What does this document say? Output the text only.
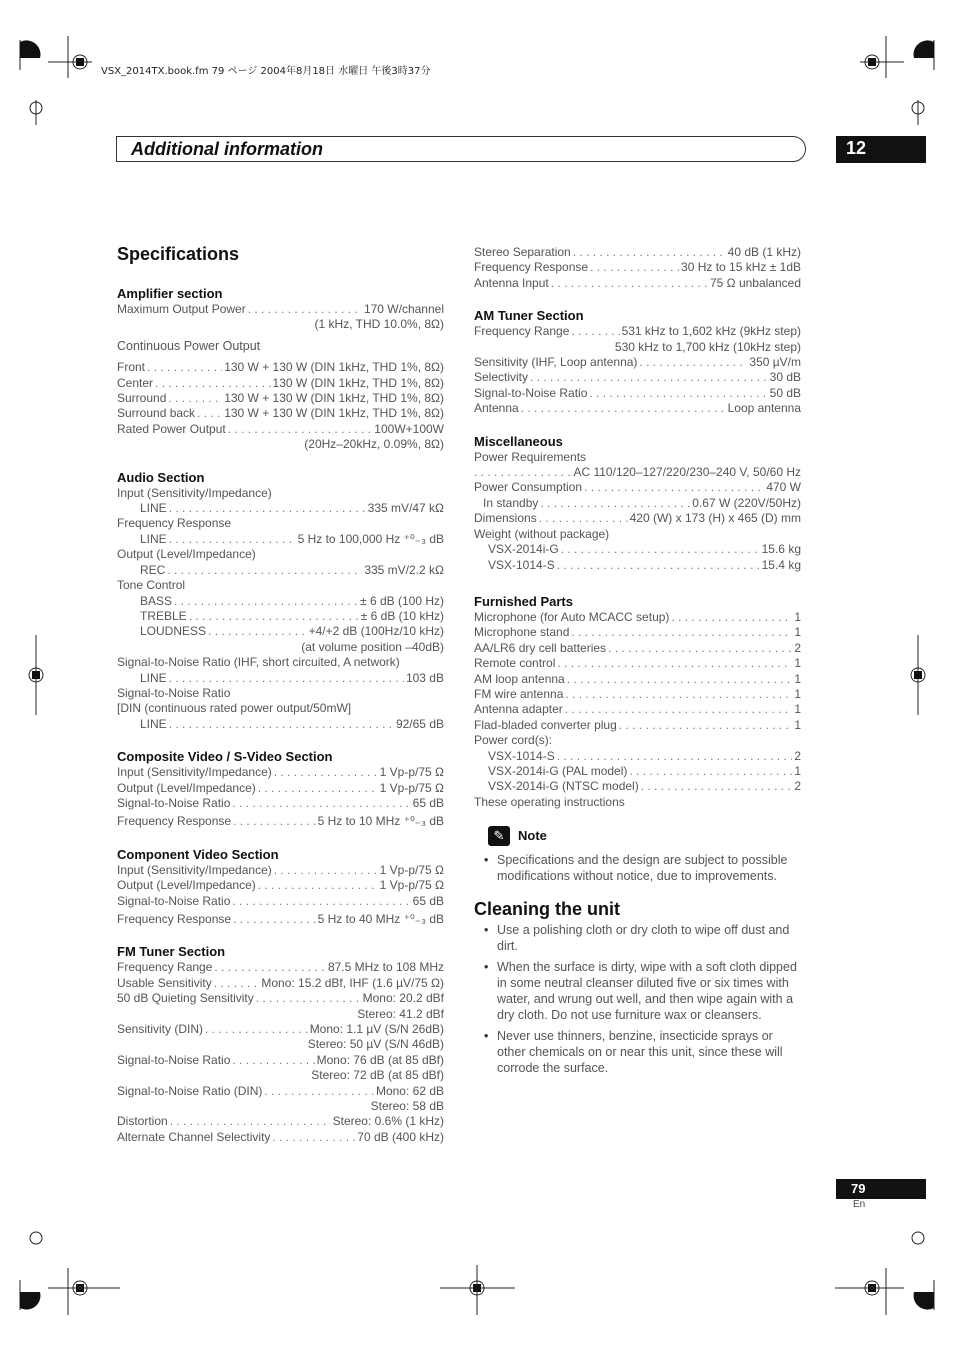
VSX_2014TX.book.fm 79 ページ 2004年8月18日 水曜日 午後3時37分
Additional information	12
Specifications
Amplifier section
Maximum Output Power . . .	170 W/channel
(1 kHz, THD 10.0%, 8Ω)
Continuous Power Output
Front . . .	130 W + 130 W (DIN 1kHz, THD 1%, 8Ω)
Center . . .	130 W (DIN 1kHz, THD 1%, 8Ω)
Surround . . .	130 W + 130 W (DIN 1kHz, THD 1%, 8Ω)
Surround back . . . 130 W + 130 W (DIN 1kHz, THD 1%, 8Ω)
Rated Power Output . . .	100W+100W
(20Hz–20kHz, 0.09%, 8Ω)
Audio Section
Input (Sensitivity/Impedance)
LINE . . .	335 mV/47 kΩ
Frequency Response
LINE . . .	5 Hz to 100,000 Hz ⁺⁰₋₃ dB
Output (Level/Impedance)
REC . . .	335 mV/2.2 kΩ
Tone Control
BASS . . .	± 6 dB (100 Hz)
TREBLE . . .	± 6 dB (10 kHz)
LOUDNESS . . .	+4/+2 dB (100Hz/10 kHz)
(at volume position –40dB)
Signal-to-Noise Ratio (IHF, short circuited, A network)
LINE . . .	103 dB
Signal-to-Noise Ratio
[DIN (continuous rated power output/50mW]
LINE . . .	92/65 dB
Composite Video / S-Video Section
Input (Sensitivity/Impedance) . . .	1 Vp-p/75 Ω
Output (Level/Impedance) . . .	1 Vp-p/75 Ω
Signal-to-Noise Ratio . . .	65 dB
Frequency Response . . .	5 Hz to 10 MHz ⁺⁰₋₃ dB
Component Video Section
Input (Sensitivity/Impedance) . . .	1 Vp-p/75 Ω
Output (Level/Impedance) . . .	1 Vp-p/75 Ω
Signal-to-Noise Ratio . . .	65 dB
Frequency Response . . .	5 Hz to 40 MHz ⁺⁰₋₃ dB
FM Tuner Section
Frequency Range . . .	87.5 MHz to 108 MHz
Usable Sensitivity . . .	Mono: 15.2 dBf, IHF (1.6 µV/75 Ω)
50 dB Quieting Sensitivity . . .	Mono: 20.2 dBf
Stereo: 41.2 dBf
Sensitivity (DIN) . . .	Mono: 1.1 µV (S/N 26dB)
Stereo: 50 µV (S/N 46dB)
Signal-to-Noise Ratio . . .	Mono: 76 dB (at 85 dBf)
Stereo: 72 dB (at 85 dBf)
Signal-to-Noise Ratio (DIN) . . .	Mono: 62 dB
Stereo: 58 dB
Distortion . . .	Stereo: 0.6% (1 kHz)
Alternate Channel Selectivity . . .	70 dB (400 kHz)
Stereo Separation . . .	40 dB (1 kHz)
Frequency Response . . .	30 Hz to 15 kHz ± 1dB
Antenna Input . . .	75 Ω unbalanced
AM Tuner Section
Frequency Range . . .	531 kHz to 1,602 kHz (9kHz step)
530 kHz to 1,700 kHz (10kHz step)
Sensitivity (IHF, Loop antenna) . . .	350 µV/m
Selectivity . . .	30 dB
Signal-to-Noise Ratio . . .	50 dB
Antenna . . .	Loop antenna
Miscellaneous
Power Requirements
. . .
AC 110/120–127/220/230–240 V, 50/60 Hz
Power Consumption . . .	470 W
In standby . . .	0.67 W (220V/50Hz)
Dimensions . . .	420 (W) x 173 (H) x 465 (D) mm
Weight (without package)
VSX-2014i-G . . .	15.6 kg
VSX-1014-S . . .	15.4 kg
Furnished Parts
Microphone (for Auto MCACC setup) . . .	1
Microphone stand . . .	1
AA/LR6 dry cell batteries . . .	2
Remote control . . .	1
AM loop antenna . . .	1
FM wire antenna . . .	1
Antenna adapter . . .	1
Flad-bladed converter plug . . .	1
Power cord(s):
VSX-1014-S . . .	2
VSX-2014i-G (PAL model) . . .	1
VSX-2014i-G (NTSC model) . . .	2
These operating instructions
✎	Note
• Specifications and the design are subject to possible modifications without notice, due to improvements.
Cleaning the unit
• Use a polishing cloth or dry cloth to wipe off dust and dirt.
• When the surface is dirty, wipe with a soft cloth dipped in some neutral cleanser diluted five or six times with water, and wrung out well, and then wipe again with a dry cloth. Do not use furniture wax or cleansers.
• Never use thinners, benzine, insecticide sprays or other chemicals on or near this unit, since these will corrode the surface.
79
En
